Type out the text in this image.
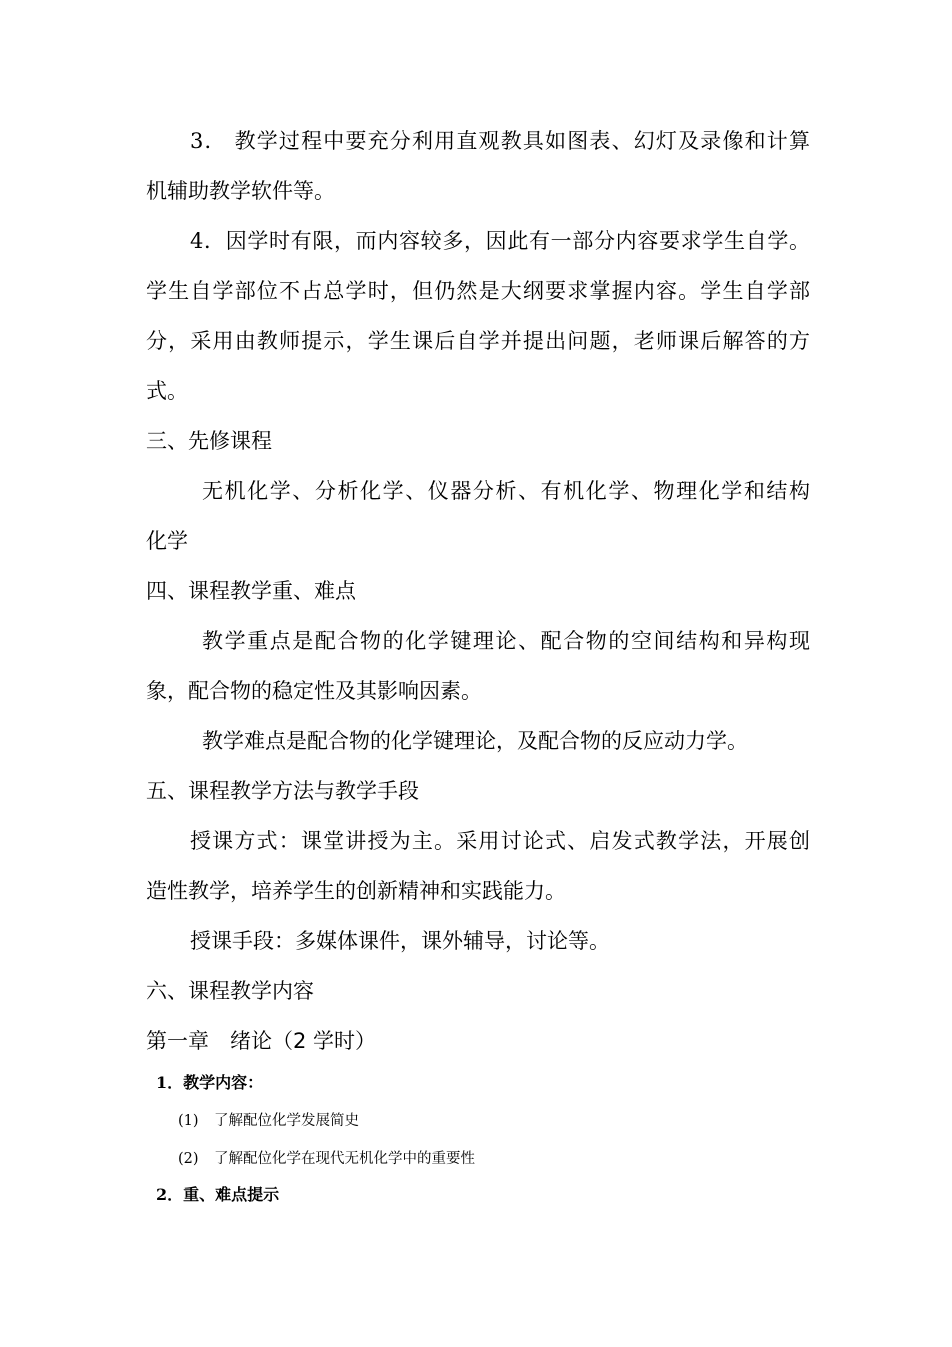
3． 教学过程中要充分利用直观教具如图表、幻灯及录像和计算
机辅助教学软件等。
4．因学时有限，而内容较多，因此有一部分内容要求学生自学。
学生自学部位不占总学时，但仍然是大纲要求掌握内容。学生自学部
分，采用由教师提示，学生课后自学并提出问题，老师课后解答的方
式。
三、先修课程
无机化学、分析化学、仪器分析、有机化学、物理化学和结构
化学
四、课程教学重、难点
教学重点是配合物的化学键理论、配合物的空间结构和异构现
象，配合物的稳定性及其影响因素。
教学难点是配合物的化学键理论，及配合物的反应动力学。
五、课程教学方法与教学手段
授课方式：课堂讲授为主。采用讨论式、启发式教学法，开展创
造性教学，培养学生的创新精神和实践能力。
授课手段：多媒体课件，课外辅导，讨论等。
六、课程教学内容
第一章　绪论（2 学时）
1．教学内容：
(1) 了解配位化学发展简史
(2) 了解配位化学在现代无机化学中的重要性
2．重、难点提示
